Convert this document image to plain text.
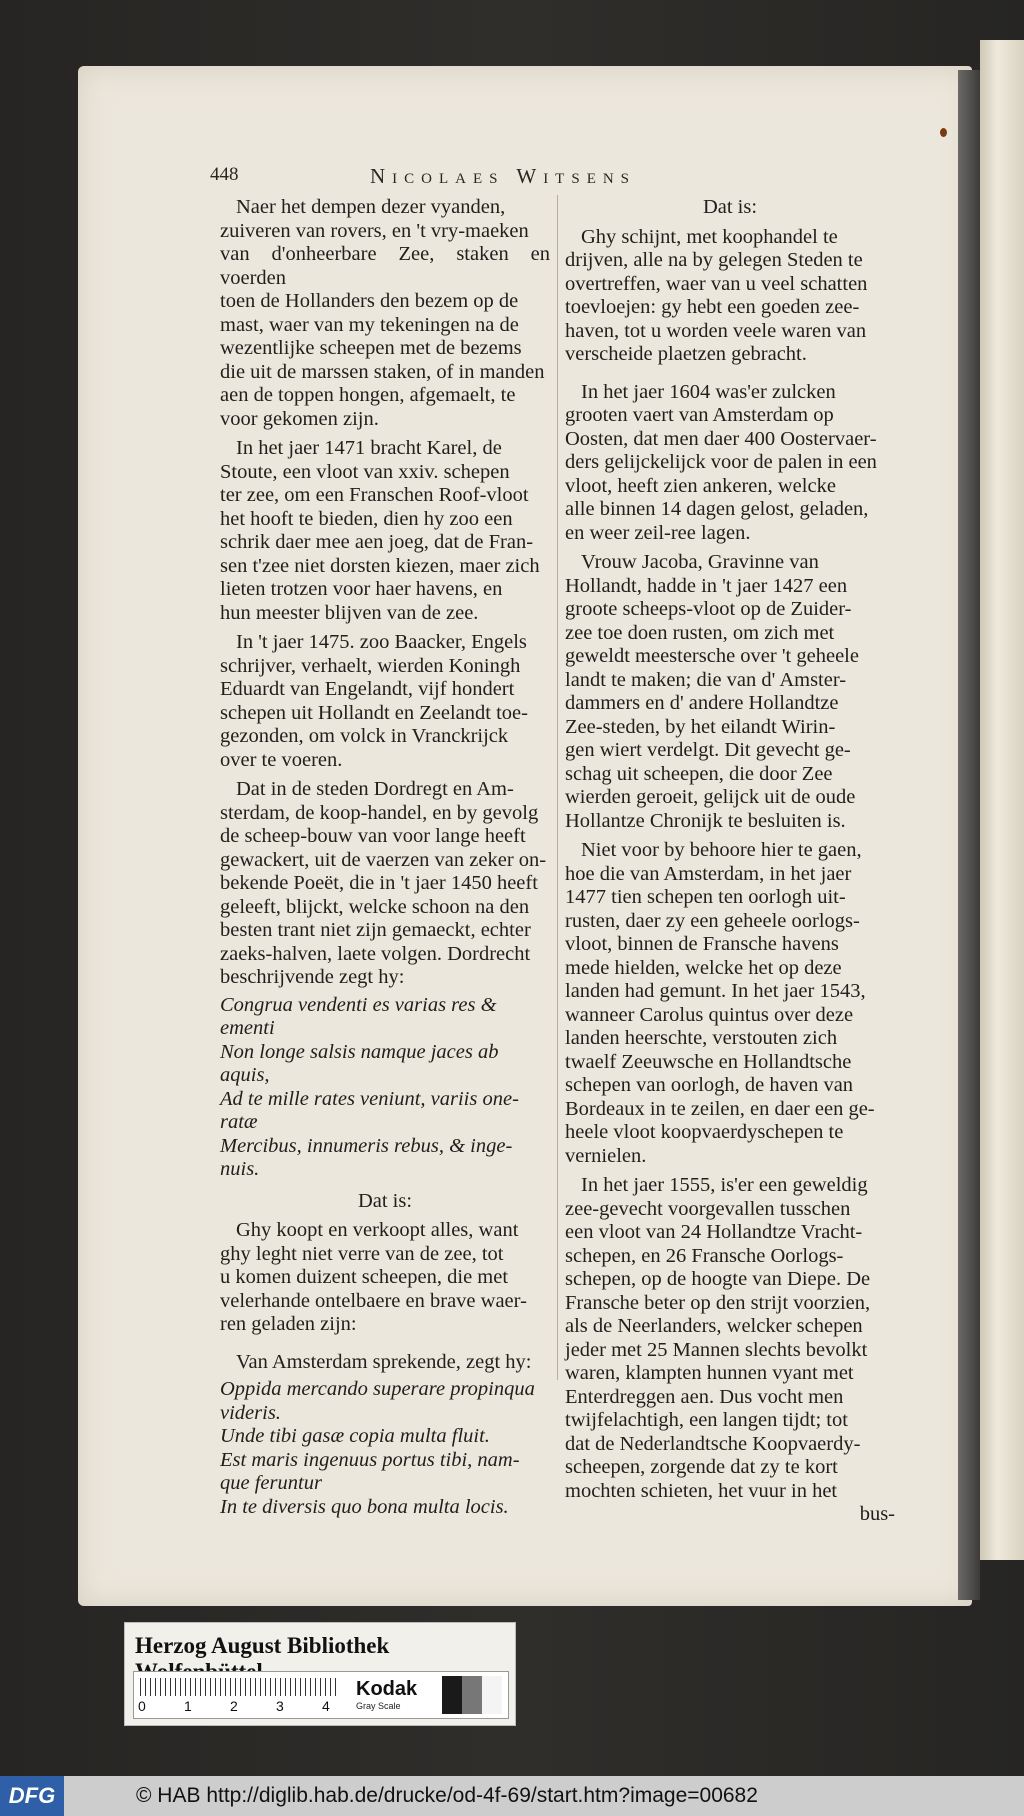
448	Nicolaes Witsens

Naer het dempen dezer vyanden,
zuiveren van rovers, en 't vry-maeken
van d'onheerbare Zee, staken en voerden
toen de Hollanders den bezem op de
mast, waer van my tekeningen na de
wezentlijke scheepen met de bezems
die uit de marssen staken, of in manden
aen de toppen hongen, afgemaelt, te
voor gekomen zijn.

In het jaer 1471 bracht Karel, de
Stoute, een vloot van xxiv. schepen
ter zee, om een Franschen Roof-vloot
het hooft te bieden, dien hy zoo een
schrik daer mee aen joeg, dat de Fran-
sen t'zee niet dorsten kiezen, maer zich
lieten trotzen voor haer havens, en
hun meester blijven van de zee.

In 't jaer 1475. zoo Baacker, Engels
schrijver, verhaelt, wierden Koningh
Eduardt van Engelandt, vijf hondert
schepen uit Hollandt en Zeelandt toe-
gezonden, om volck in Vranckrijck
over te voeren.

Dat in de steden Dordregt en Am-
sterdam, de koop-handel, en by gevolg
de scheep-bouw van voor lange heeft
gewackert, uit de vaerzen van zeker on-
bekende Poeët, die in 't jaer 1450 heeft
geleeft, blijckt, welcke schoon na den
besten trant niet zijn gemaeckt, echter
zaeks-halven, laete volgen. Dordrecht
beschrijvende zegt hy:

Congrua vendenti es varias res &
ementi
Non longe salsis namque jaces ab
aquis,
Ad te mille rates veniunt, variis one-
ratæ
Mercibus, innumeris rebus, & inge-
nuis.

Dat is:

Ghy koopt en verkoopt alles, want
ghy leght niet verre van de zee, tot
u komen duizent scheepen, die met
velerhande ontelbaere en brave waer-
ren geladen zijn:

Van Amsterdam sprekende, zegt hy:

Oppida mercando superare propinqua
videris.
Unde tibi gasæ copia multa fluit.
Est maris ingenuus portus tibi, nam-
que feruntur
In te diversis quo bona multa locis.

Dat is:

Ghy schijnt, met koophandel te
drijven, alle na by gelegen Steden te
overtreffen, waer van u veel schatten
toevloejen: gy hebt een goeden zee-
haven, tot u worden veele waren van
verscheide plaetzen gebracht.

In het jaer 1604 was'er zulcken
grooten vaert van Amsterdam op
Oosten, dat men daer 400 Oostervaer-
ders gelijckelijck voor de palen in een
vloot, heeft zien ankeren, welcke
alle binnen 14 dagen gelost, geladen,
en weer zeil-ree lagen.

Vrouw Jacoba, Gravinne van
Hollandt, hadde in 't jaer 1427 een
groote scheeps-vloot op de Zuider-
zee toe doen rusten, om zich met
geweldt meestersche over 't geheele
landt te maken; die van d' Amster-
dammers en d' andere Hollandtze
Zee-steden, by het eilandt Wirin-
gen wiert verdelgt. Dit gevecht ge-
schag uit scheepen, die door Zee
wierden geroeit, gelijck uit de oude
Hollantze Chronijk te besluiten is.

Niet voor by behoore hier te gaen,
hoe die van Amsterdam, in het jaer
1477 tien schepen ten oorlogh uit-
rusten, daer zy een geheele oorlogs-
vloot, binnen de Fransche havens
mede hielden, welcke het op deze
landen had gemunt. In het jaer 1543,
wanneer Carolus quintus over deze
landen heerschte, verstouten zich
twaelf Zeeuwsche en Hollandtsche
schepen van oorlogh, de haven van
Bordeaux in te zeilen, en daer een ge-
heele vloot koopvaerdyschepen te
vernielen.

In het jaer 1555, is'er een geweldig
zee-gevecht voorgevallen tusschen
een vloot van 24 Hollandtze Vracht-
schepen, en 26 Fransche Oorlogs-
schepen, op de hoogte van Diepe. De
Fransche beter op den strijt voorzien,
als de Neerlanders, welcker schepen
jeder met 25 Mannen slechts bevolkt
waren, klampten hunnen vyant met
Enterdreggen aen. Dus vocht men
twijfelachtigh, een langen tijdt; tot
dat de Nederlandtsche Koopvaerdy-
scheepen, zorgende dat zy te kort
mochten schieten, het vuur in het

bus-

Herzog August Bibliothek
0	1	2	3	4
Kodak
Gray Scale
DFG	© HAB http://diglib.hab.de/drucke/od-4f-69/start.htm?image=00682
